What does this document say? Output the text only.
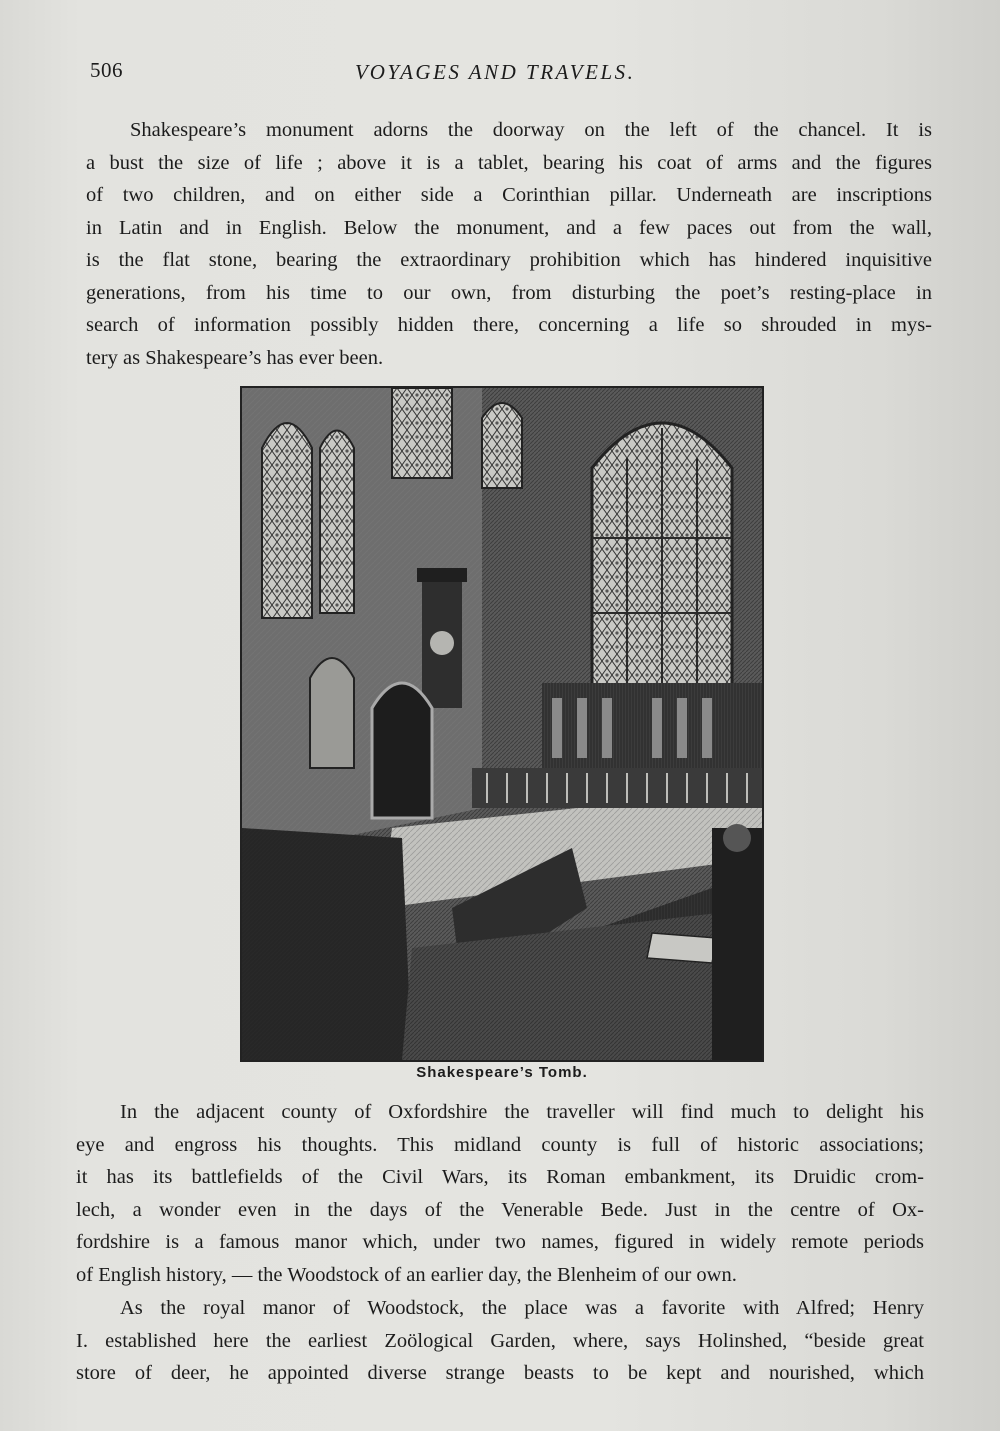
506	VOYAGES AND TRAVELS.

Shakespeare’s monument adorns the doorway on the left of the chancel. It is
a bust the size of life ; above it is a tablet, bearing his coat of arms and the figures
of two children, and on either side a Corinthian pillar. Underneath are inscriptions
in Latin and in English. Below the monument, and a few paces out from the wall,
is the flat stone, bearing the extraordinary prohibition which has hindered inquisitive
generations, from his time to our own, from disturbing the poet’s resting-place in
search of information possibly hidden there, concerning a life so shrouded in mys-
tery as Shakespeare’s has ever been.

Shakespeare’s Tomb.

In the adjacent county of Oxfordshire the traveller will find much to delight his
eye and engross his thoughts. This midland county is full of historic associations;
it has its battlefields of the Civil Wars, its Roman embankment, its Druidic crom-
lech, a wonder even in the days of the Venerable Bede. Just in the centre of Ox-
fordshire is a famous manor which, under two names, figured in widely remote periods
of English history, — the Woodstock of an earlier day, the Blenheim of our own.

As the royal manor of Woodstock, the place was a favorite with Alfred; Henry
I. established here the earliest Zoölogical Garden, where, says Holinshed, “beside great
store of deer, he appointed diverse strange beasts to be kept and nourished, which
